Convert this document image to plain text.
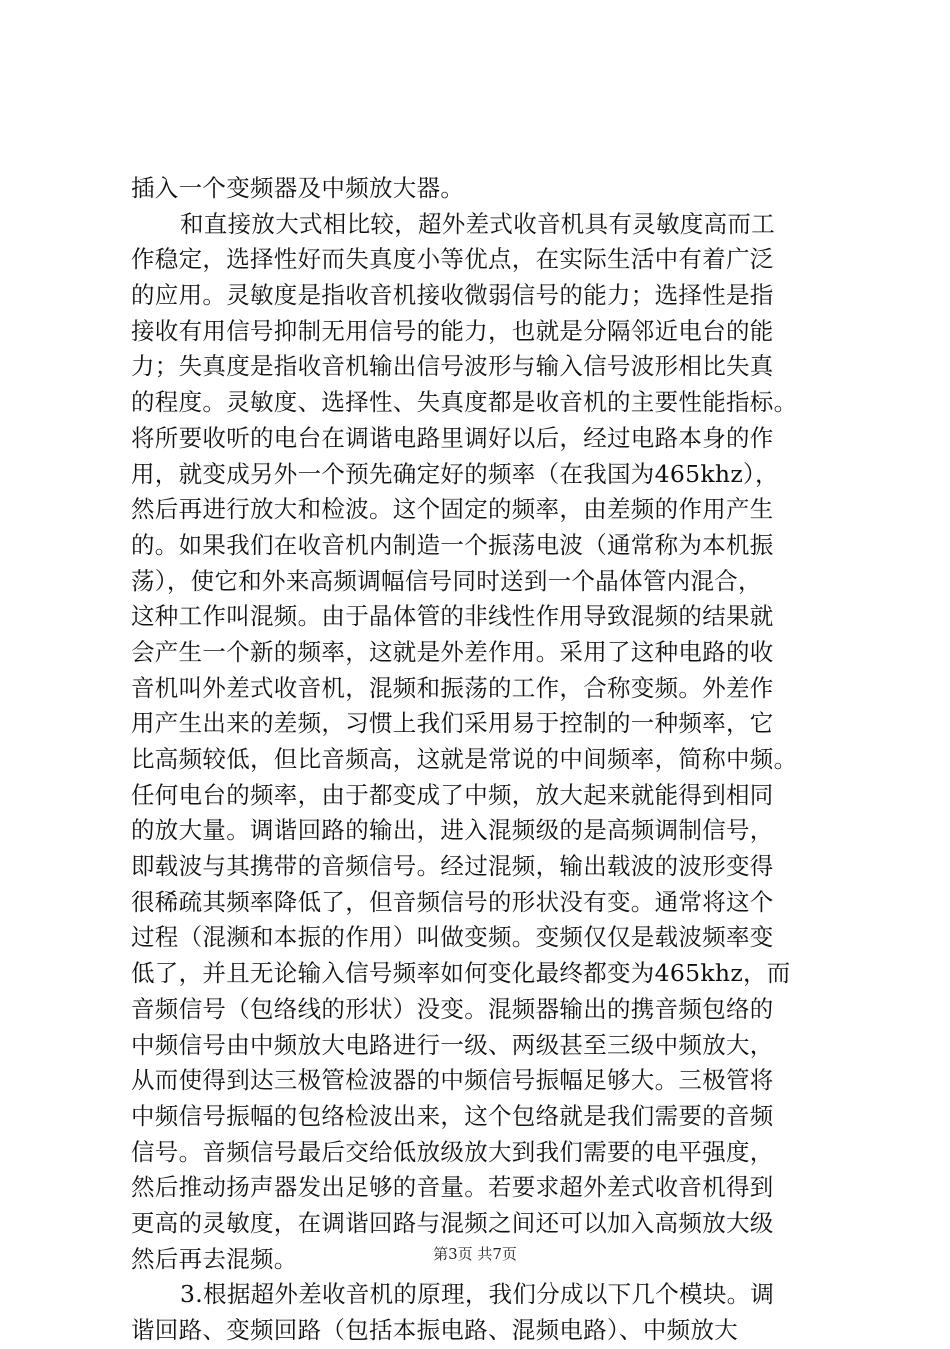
插入一个变频器及中频放大器。
和直接放大式相比较，超外差式收音机具有灵敏度高而工
作稳定，选择性好而失真度小等优点，在实际生活中有着广泛
的应用。灵敏度是指收音机接收微弱信号的能力；选择性是指
接收有用信号抑制无用信号的能力，也就是分隔邻近电台的能
力；失真度是指收音机输出信号波形与输入信号波形相比失真
的程度。灵敏度、选择性、失真度都是收音机的主要性能指标。
将所要收听的电台在调谐电路里调好以后，经过电路本身的作
用，就变成另外一个预先确定好的频率（在我国为465khz），
然后再进行放大和检波。这个固定的频率，由差频的作用产生
的。如果我们在收音机内制造一个振荡电波（通常称为本机振
荡），使它和外来高频调幅信号同时送到一个晶体管内混合，
这种工作叫混频。由于晶体管的非线性作用导致混频的结果就
会产生一个新的频率，这就是外差作用。采用了这种电路的收
音机叫外差式收音机，混频和振荡的工作，合称变频。外差作
用产生出来的差频，习惯上我们采用易于控制的一种频率，它
比高频较低，但比音频高，这就是常说的中间频率，简称中频。
任何电台的频率，由于都变成了中频，放大起来就能得到相同
的放大量。调谐回路的输出，进入混频级的是高频调制信号，
即载波与其携带的音频信号。经过混频，输出载波的波形变得
很稀疏其频率降低了，但音频信号的形状没有变。通常将这个
过程（混濒和本振的作用）叫做变频。变频仅仅是载波频率变
低了，并且无论输入信号频率如何变化最终都变为465khz，而
音频信号（包络线的形状）没变。混频器输出的携音频包络的
中频信号由中频放大电路进行一级、两级甚至三级中频放大，
从而使得到达三极管检波器的中频信号振幅足够大。三极管将
中频信号振幅的包络检波出来，这个包络就是我们需要的音频
信号。音频信号最后交给低放级放大到我们需要的电平强度，
然后推动扬声器发出足够的音量。若要求超外差式收音机得到
更高的灵敏度，在调谐回路与混频之间还可以加入高频放大级
然后再去混频。
3.根据超外差收音机的原理，我们分成以下几个模块。调
谐回路、变频回路（包括本振电路、混频电路）、中频放大
第3页 共7页
